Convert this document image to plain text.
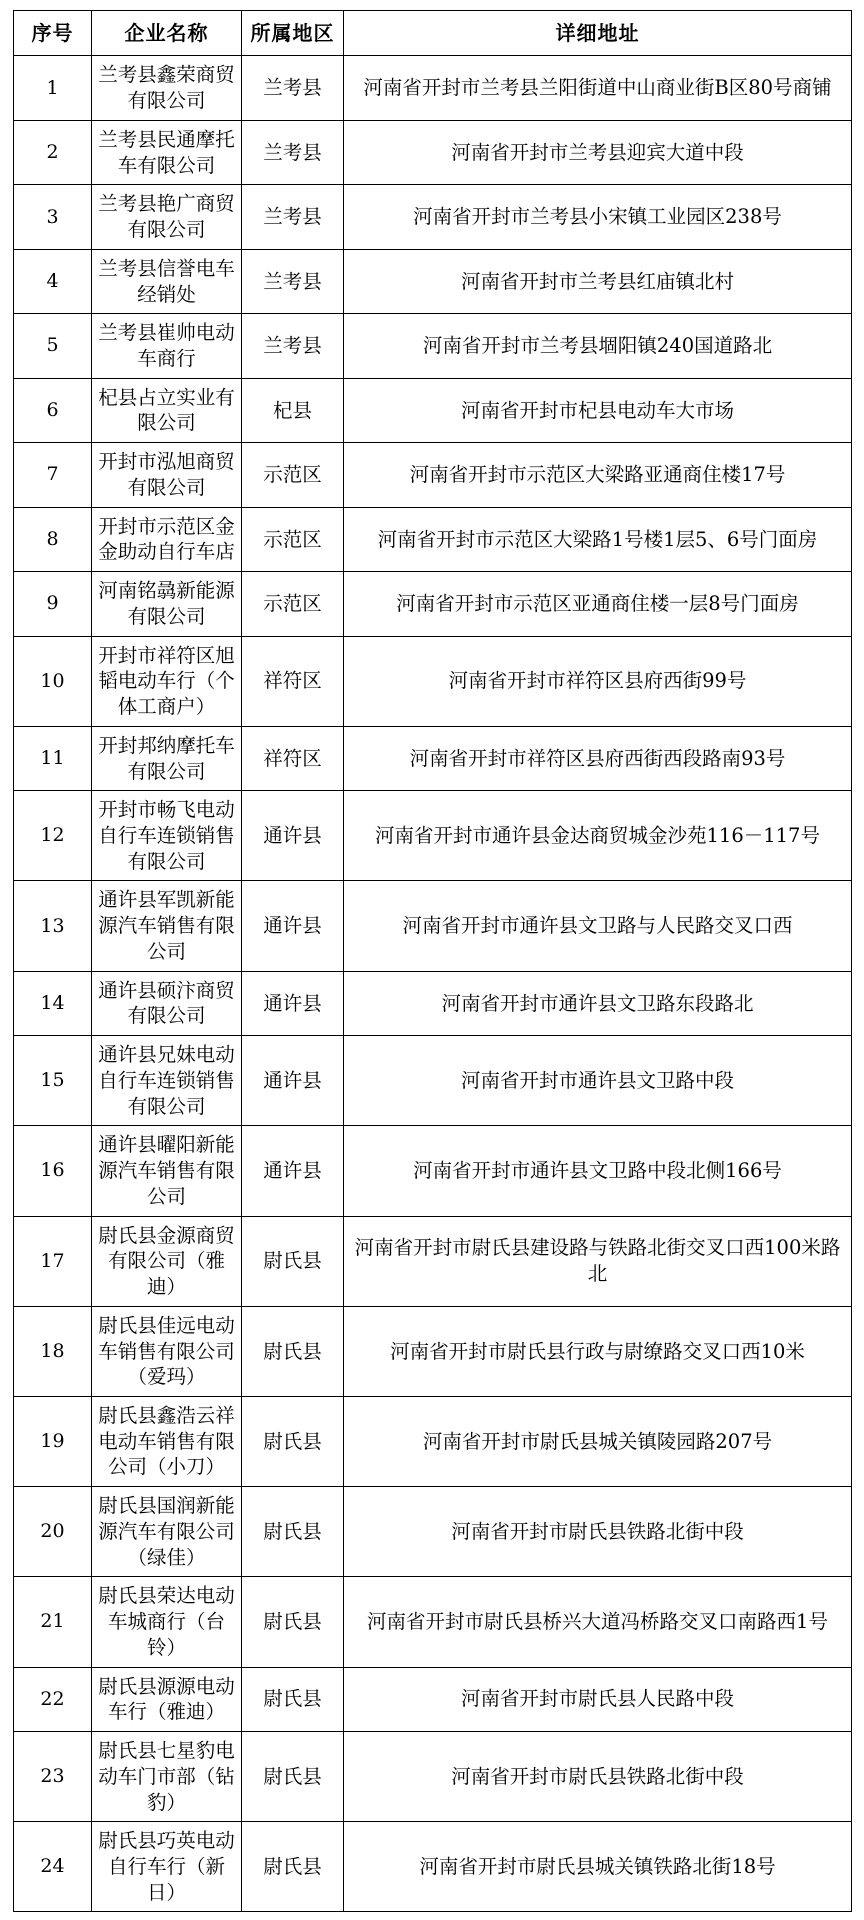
序号	企业名称	所属地区	详细地址
1	兰考县鑫荣商贸有限公司	兰考县	河南省开封市兰考县兰阳街道中山商业街B区80号商铺
2	兰考县民通摩托车有限公司	兰考县	河南省开封市兰考县迎宾大道中段
3	兰考县艳广商贸有限公司	兰考县	河南省开封市兰考县小宋镇工业园区238号
4	兰考县信誉电车经销处	兰考县	河南省开封市兰考县红庙镇北村
5	兰考县崔帅电动车商行	兰考县	河南省开封市兰考县堌阳镇240国道路北
6	杞县占立实业有限公司	杞县	河南省开封市杞县电动车大市场
7	开封市泓旭商贸有限公司	示范区	河南省开封市示范区大梁路亚通商住楼17号
8	开封市示范区金金助动自行车店	示范区	河南省开封市示范区大梁路1号楼1层5、6号门面房
9	河南铭骉新能源有限公司	示范区	河南省开封市示范区亚通商住楼一层8号门面房
10	开封市祥符区旭韬电动车行（个体工商户）	祥符区	河南省开封市祥符区县府西街99号
11	开封邦纳摩托车有限公司	祥符区	河南省开封市祥符区县府西街西段路南93号
12	开封市畅飞电动自行车连锁销售有限公司	通许县	河南省开封市通许县金达商贸城金沙苑116－117号
13	通许县军凯新能源汽车销售有限公司	通许县	河南省开封市通许县文卫路与人民路交叉口西
14	通许县硕汴商贸有限公司	通许县	河南省开封市通许县文卫路东段路北
15	通许县兄妹电动自行车连锁销售有限公司	通许县	河南省开封市通许县文卫路中段
16	通许县曜阳新能源汽车销售有限公司	通许县	河南省开封市通许县文卫路中段北侧166号
17	尉氏县金源商贸有限公司（雅迪）	尉氏县	河南省开封市尉氏县建设路与铁路北街交叉口西100米路北
18	尉氏县佳远电动车销售有限公司（爱玛）	尉氏县	河南省开封市尉氏县行政与尉缭路交叉口西10米
19	尉氏县鑫浩云祥电动车销售有限公司（小刀）	尉氏县	河南省开封市尉氏县城关镇陵园路207号
20	尉氏县国润新能源汽车有限公司（绿佳）	尉氏县	河南省开封市尉氏县铁路北街中段
21	尉氏县荣达电动车城商行（台铃）	尉氏县	河南省开封市尉氏县桥兴大道冯桥路交叉口南路西1号
22	尉氏县源源电动车行（雅迪）	尉氏县	河南省开封市尉氏县人民路中段
23	尉氏县七星豹电动车门市部（钻豹）	尉氏县	河南省开封市尉氏县铁路北街中段
24	尉氏县巧英电动自行车行（新日）	尉氏县	河南省开封市尉氏县城关镇铁路北街18号
